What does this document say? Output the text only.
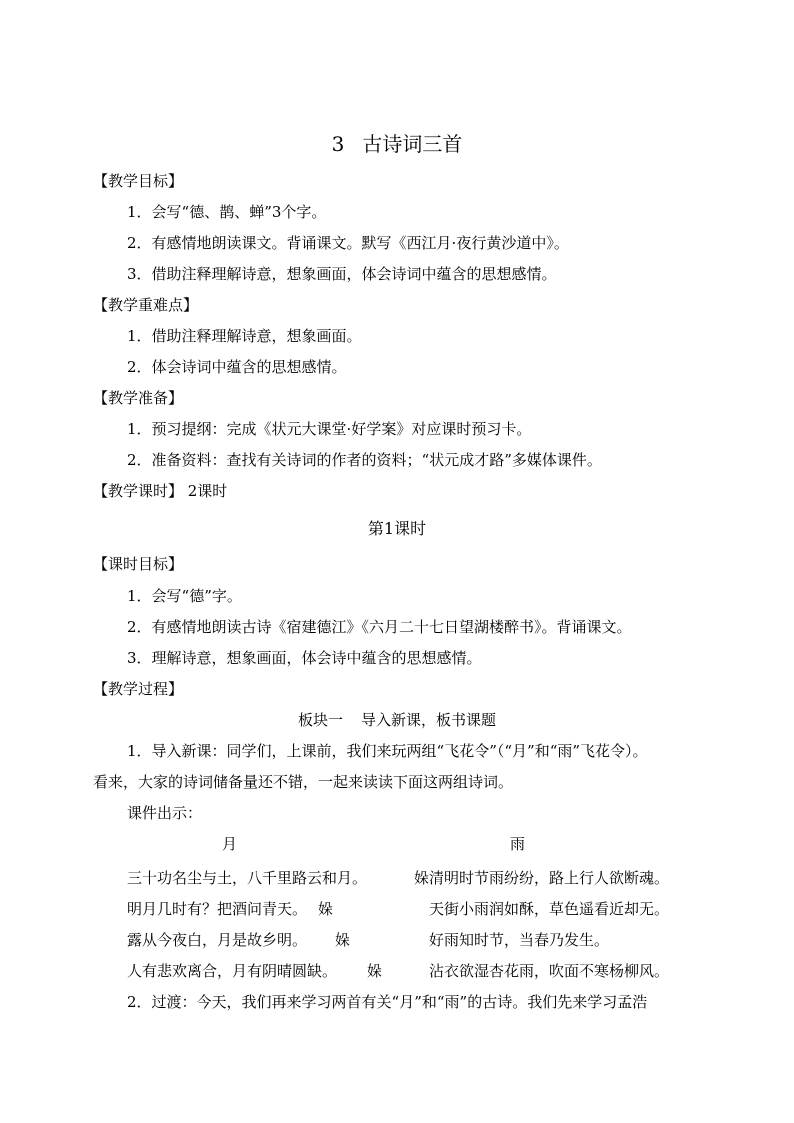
3 古诗词三首
【教学目标】
1．会写“德、鹊、蝉”3个字。
2．有感情地朗读课文。背诵课文。默写《西江月·夜行黄沙道中》。
3．借助注释理解诗意，想象画面，体会诗词中蕴含的思想感情。
【教学重难点】
1．借助注释理解诗意，想象画面。
2．体会诗词中蕴含的思想感情。
【教学准备】
1．预习提纲：完成《状元大课堂·好学案》对应课时预习卡。
2．准备资料：查找有关诗词的作者的资料；“状元成才路”多媒体课件。
【教学课时】 2课时
第1课时
【课时目标】
1．会写“德”字。
2．有感情地朗读古诗《宿建德江》《六月二十七日望湖楼醉书》。背诵课文。
3．理解诗意，想象画面，体会诗中蕴含的思想感情。
【教学过程】
板块一 导入新课，板书课题
1．导入新课：同学们，上课前，我们来玩两组“飞花令”（“月”和“雨”飞花令）。
看来，大家的诗词储备量还不错，一起来读读下面这两组诗词。
课件出示：
月	雨
三十功名尘与土，八千里路云和月。	㛊 清明时节雨纷纷，路上行人欲断魂。
明月几时有？把酒问青天。 㛊	天街小雨润如酥，草色遥看近却无。
露从今夜白，月是故乡明。 㛊	好雨知时节，当春乃发生。
人有悲欢离合，月有阴晴圆缺。 㛊	沾衣欲湿杏花雨，吹面不寒杨柳风。
2．过渡：今天，我们再来学习两首有关“月”和“雨”的古诗。我们先来学习孟浩
